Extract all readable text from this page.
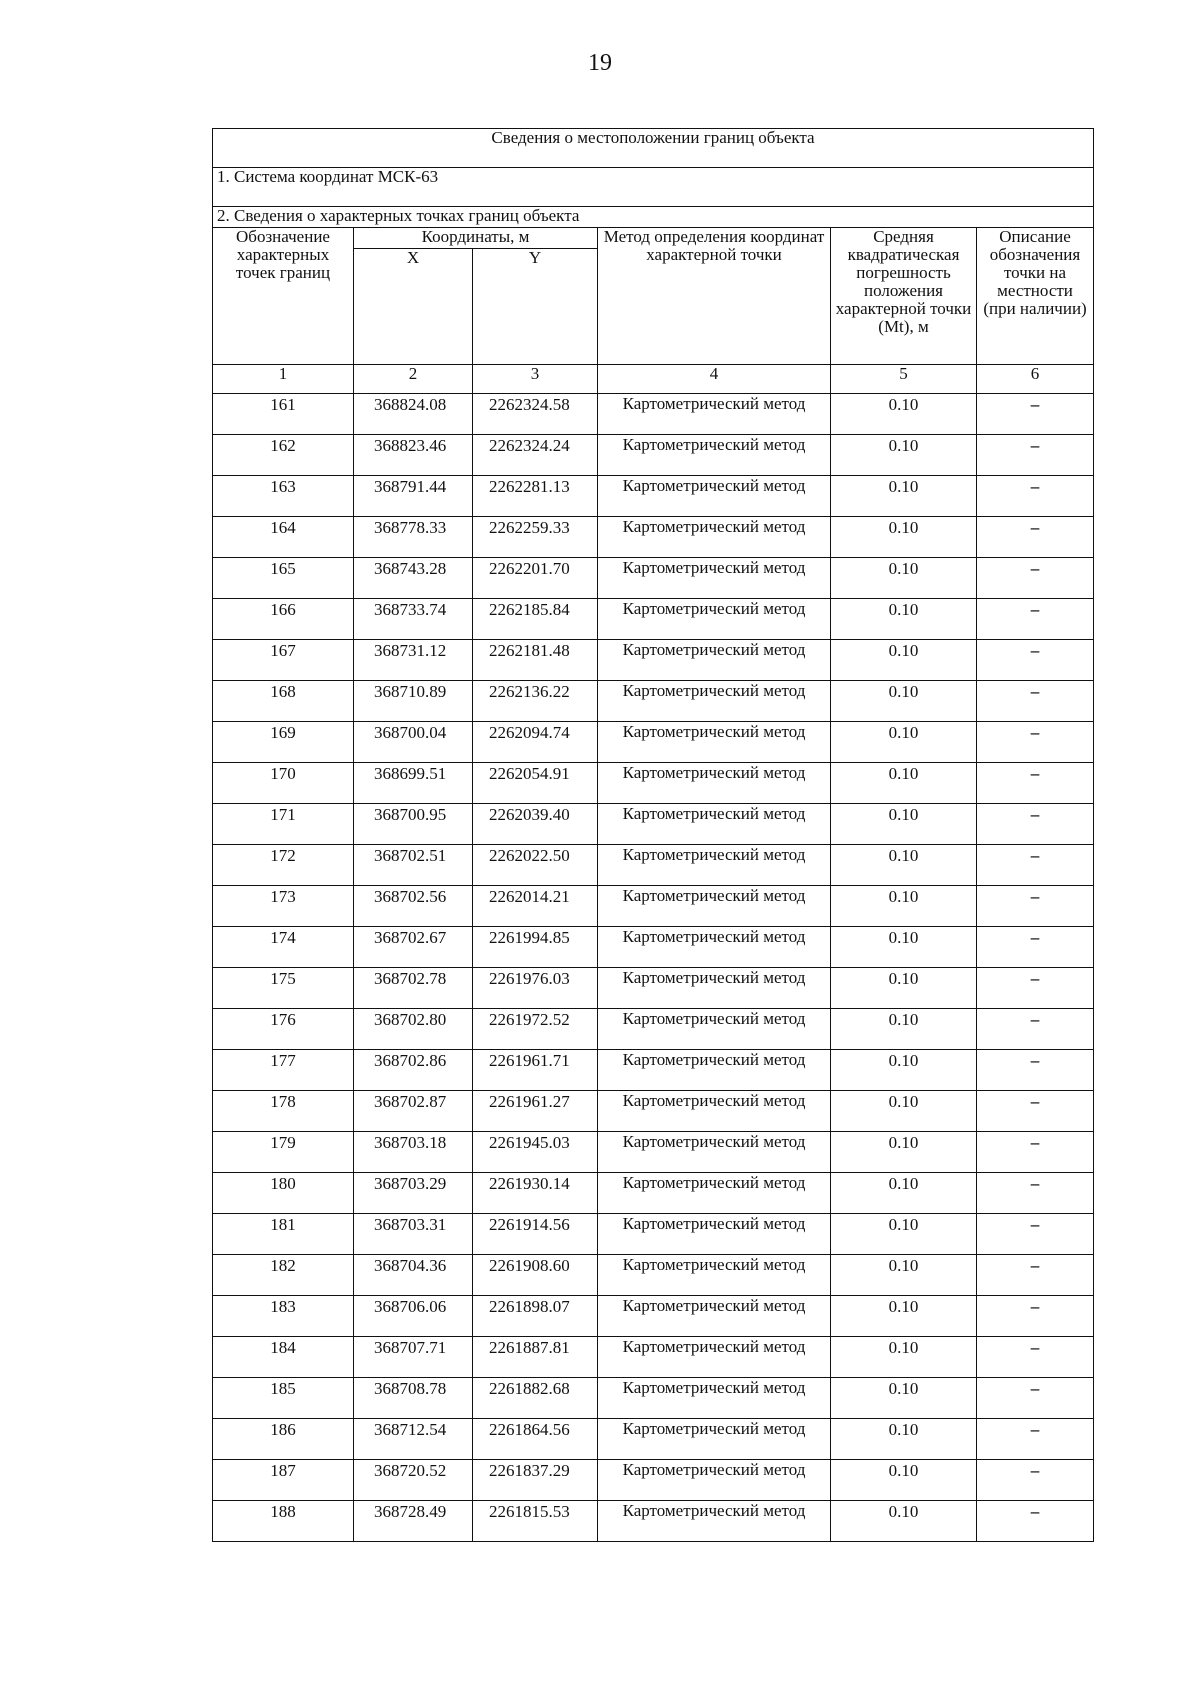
19
Сведения о местоположении границ объекта					
1. Система координат МСК-63					
2. Сведения о характерных точках границ объекта					
Обозначение характерных точек границ	Координаты, м		Метод определения координат характерной точки	Средняя квадратическая погрешность положения характерной точки (Mt), м	Описание обозначения точки на местности (при наличии)
	X	Y			
1	2	3	4	5	6
161	368824.08	2262324.58	Картометрический метод	0.10	–
162	368823.46	2262324.24	Картометрический метод	0.10	–
163	368791.44	2262281.13	Картометрический метод	0.10	–
164	368778.33	2262259.33	Картометрический метод	0.10	–
165	368743.28	2262201.70	Картометрический метод	0.10	–
166	368733.74	2262185.84	Картометрический метод	0.10	–
167	368731.12	2262181.48	Картометрический метод	0.10	–
168	368710.89	2262136.22	Картометрический метод	0.10	–
169	368700.04	2262094.74	Картометрический метод	0.10	–
170	368699.51	2262054.91	Картометрический метод	0.10	–
171	368700.95	2262039.40	Картометрический метод	0.10	–
172	368702.51	2262022.50	Картометрический метод	0.10	–
173	368702.56	2262014.21	Картометрический метод	0.10	–
174	368702.67	2261994.85	Картометрический метод	0.10	–
175	368702.78	2261976.03	Картометрический метод	0.10	–
176	368702.80	2261972.52	Картометрический метод	0.10	–
177	368702.86	2261961.71	Картометрический метод	0.10	–
178	368702.87	2261961.27	Картометрический метод	0.10	–
179	368703.18	2261945.03	Картометрический метод	0.10	–
180	368703.29	2261930.14	Картометрический метод	0.10	–
181	368703.31	2261914.56	Картометрический метод	0.10	–
182	368704.36	2261908.60	Картометрический метод	0.10	–
183	368706.06	2261898.07	Картометрический метод	0.10	–
184	368707.71	2261887.81	Картометрический метод	0.10	–
185	368708.78	2261882.68	Картометрический метод	0.10	–
186	368712.54	2261864.56	Картометрический метод	0.10	–
187	368720.52	2261837.29	Картометрический метод	0.10	–
188	368728.49	2261815.53	Картометрический метод	0.10	–
